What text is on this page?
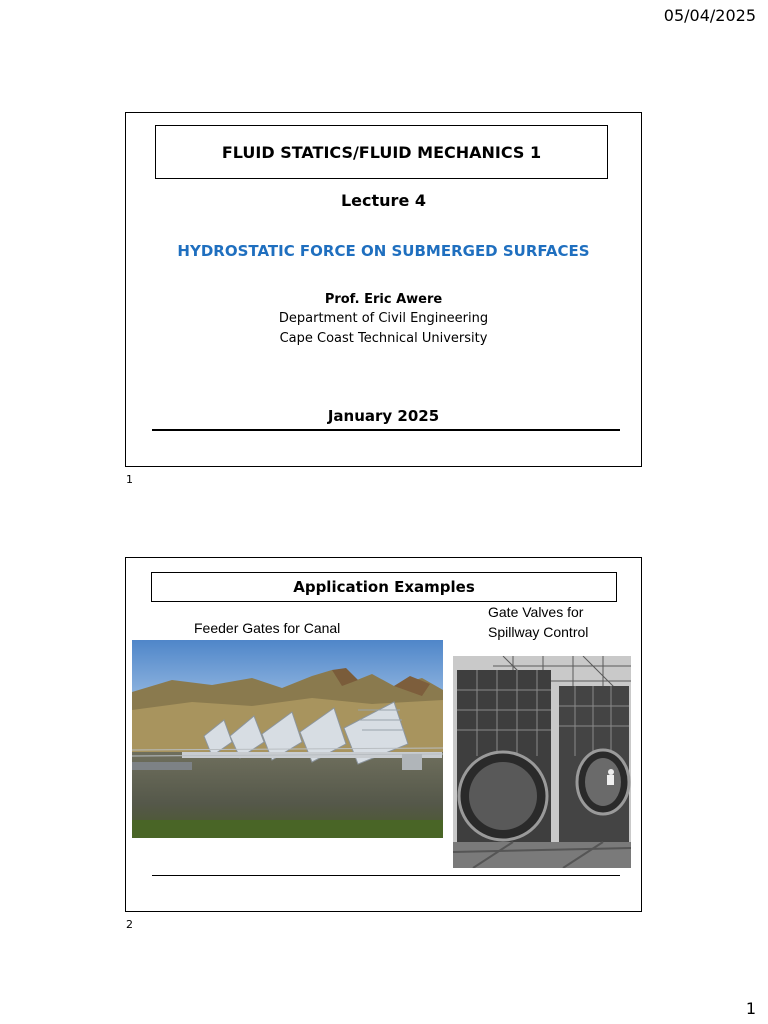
05/04/2025
FLUID STATICS/FLUID MECHANICS 1
Lecture 4
HYDROSTATIC FORCE ON SUBMERGED SURFACES
Prof. Eric Awere
Department of Civil Engineering
Cape Coast Technical University
January 2025
1
Application Examples
Feeder Gates for Canal
Gate Valves for
Spillway Control
2
1
